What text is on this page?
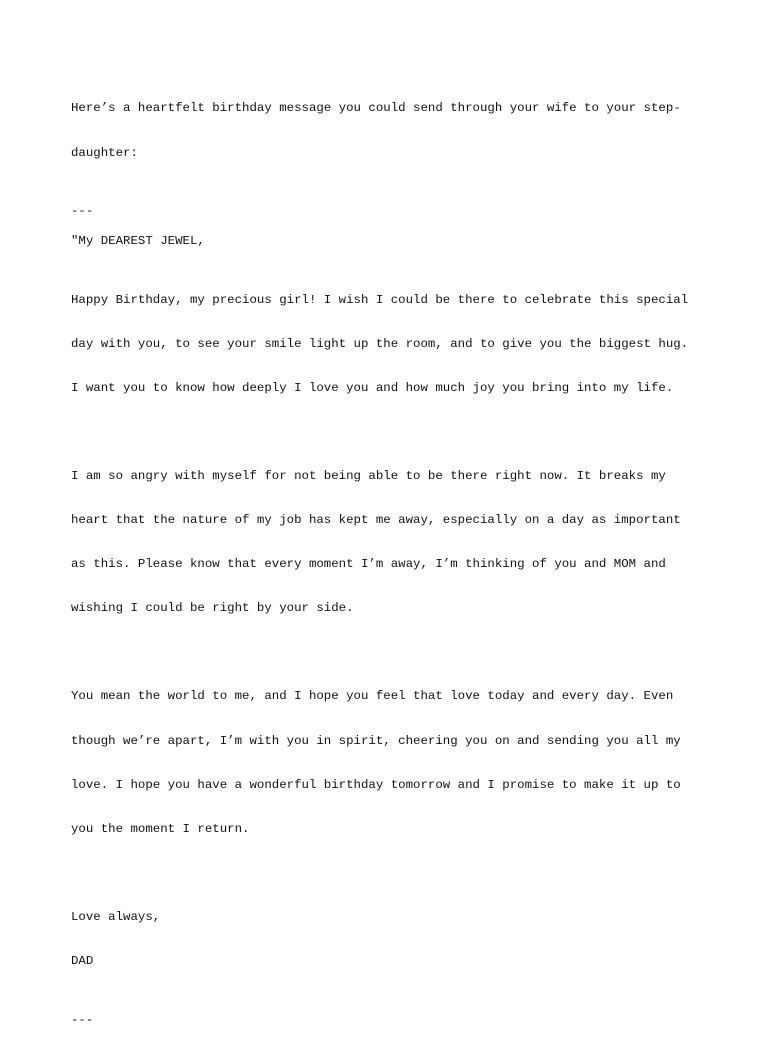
Here’s a heartfelt birthday message you could send through your wife to your step-

daughter:

---
"My DEAREST JEWEL,

Happy Birthday, my precious girl! I wish I could be there to celebrate this special

day with you, to see your smile light up the room, and to give you the biggest hug.

I want you to know how deeply I love you and how much joy you bring into my life.

I am so angry with myself for not being able to be there right now. It breaks my

heart that the nature of my job has kept me away, especially on a day as important

as this. Please know that every moment I’m away, I’m thinking of you and MOM and

wishing I could be right by your side.

You mean the world to me, and I hope you feel that love today and every day. Even

though we’re apart, I’m with you in spirit, cheering you on and sending you all my

love. I hope you have a wonderful birthday tomorrow and I promise to make it up to

you the moment I return.

Love always,

DAD

---
